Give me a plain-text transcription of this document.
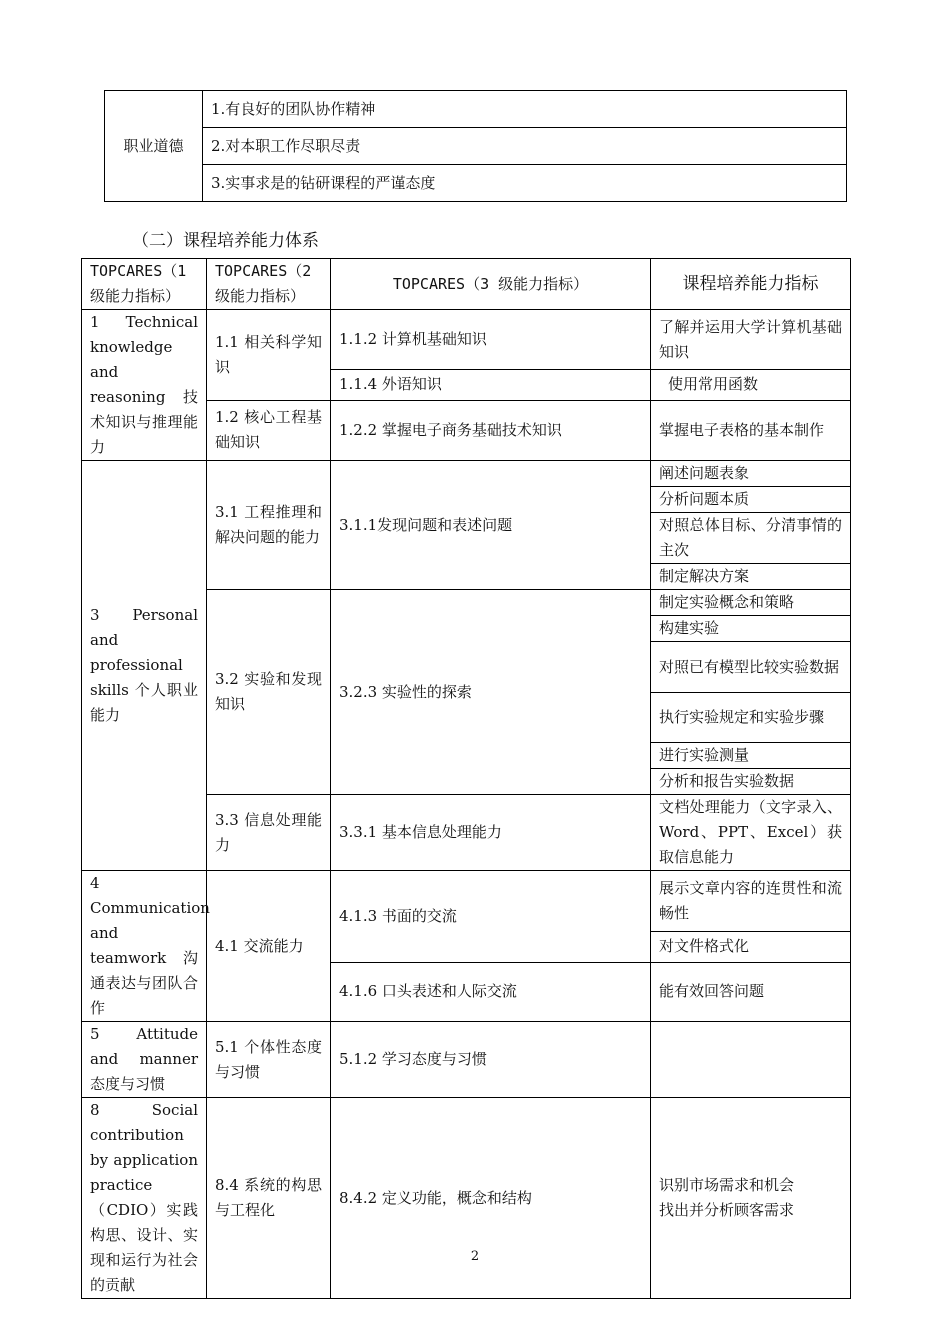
职业道德	1.有良好的团队协作精神
2.对本职工作尽职尽责
3.实事求是的钻研课程的严谨态度

（二）课程培养能力体系

TOPCARES（1级能力指标）	TOPCARES（2级能力指标）	TOPCARES（3 级能力指标）	课程培养能力指标
1 Technical knowledge and reasoning 技术知识与推理能力	1.1 相关科学知识	1.1.2 计算机基础知识	了解并运用大学计算机基础知识
		1.1.4 外语知识	使用常用函数
	1.2 核心工程基础知识	1.2.2 掌握电子商务基础技术知识	掌握电子表格的基本制作
3 Personal and professional skills 个人职业能力	3.1 工程推理和解决问题的能力	3.1.1发现问题和表述问题	阐述问题表象
			分析问题本质
			对照总体目标、分清事情的主次
			制定解决方案
	3.2 实验和发现知识	3.2.3 实验性的探索	制定实验概念和策略
			构建实验
			对照已有模型比较实验数据
			执行实验规定和实验步骤
			进行实验测量
			分析和报告实验数据
	3.3 信息处理能力	3.3.1 基本信息处理能力	文档处理能力（文字录入、Word、PPT、Excel）获取信息能力

4 Communication and teamwork 沟通表达与团队合作	4.1 交流能力	4.1.3 书面的交流	展示文章内容的连贯性和流畅性
			对文件格式化
		4.1.6 口头表述和人际交流	能有效回答问题
5 Attitude and manner 态度与习惯	5.1 个体性态度与习惯	5.1.2 学习态度与习惯	
8 Social contribution by application practice（CDIO）实践构思、设计、实现和运行为社会的贡献	8.4 系统的构思与工程化	8.4.2 定义功能，概念和结构	识别市场需求和机会
找出并分析顾客需求
2
